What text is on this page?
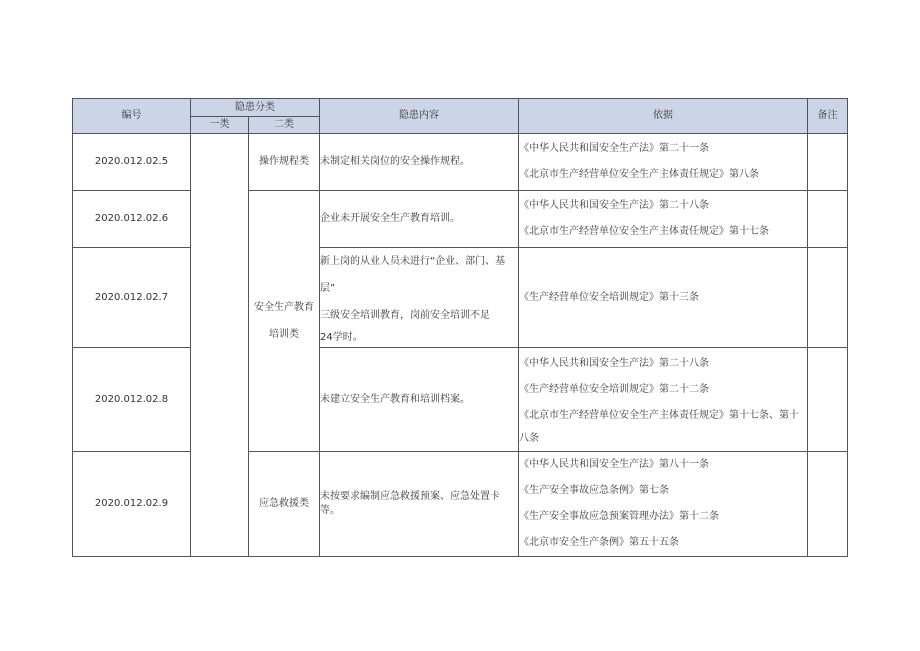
编号	隐患分类		隐患内容	依据	备注
	一类	二类			
2020.012.02.5		操作规程类	未制定相关岗位的安全操作规程。	《中华人民共和国安全生产法》第二十一条
《北京市生产经营单位安全生产主体责任规定》第八条	

2020.012.02.6		安全生产教育
培训类	企业未开展安全生产教育培训。	《中华人民共和国安全生产法》第二十八条
《北京市生产经营单位安全生产主体责任规定》第十七条	

2020.012.02.7			新上岗的从业人员未进行“企业、部门、基层”
三级安全培训教育，岗前安全培训不足
24学时。	《生产经营单位安全培训规定》第十三条	

2020.012.02.8			未建立安全生产教育和培训档案。	《中华人民共和国安全生产法》第二十八条
《生产经营单位安全培训规定》第二十二条
《北京市生产经营单位安全生产主体责任规定》第十七条、第十
八条	

2020.012.02.9		应急救援类	未按要求编制应急救援预案、应急处置卡等。	《中华人民共和国安全生产法》第八十一条
《生产安全事故应急条例》第七条
《生产安全事故应急预案管理办法》第十二条
《北京市安全生产条例》第五十五条	
